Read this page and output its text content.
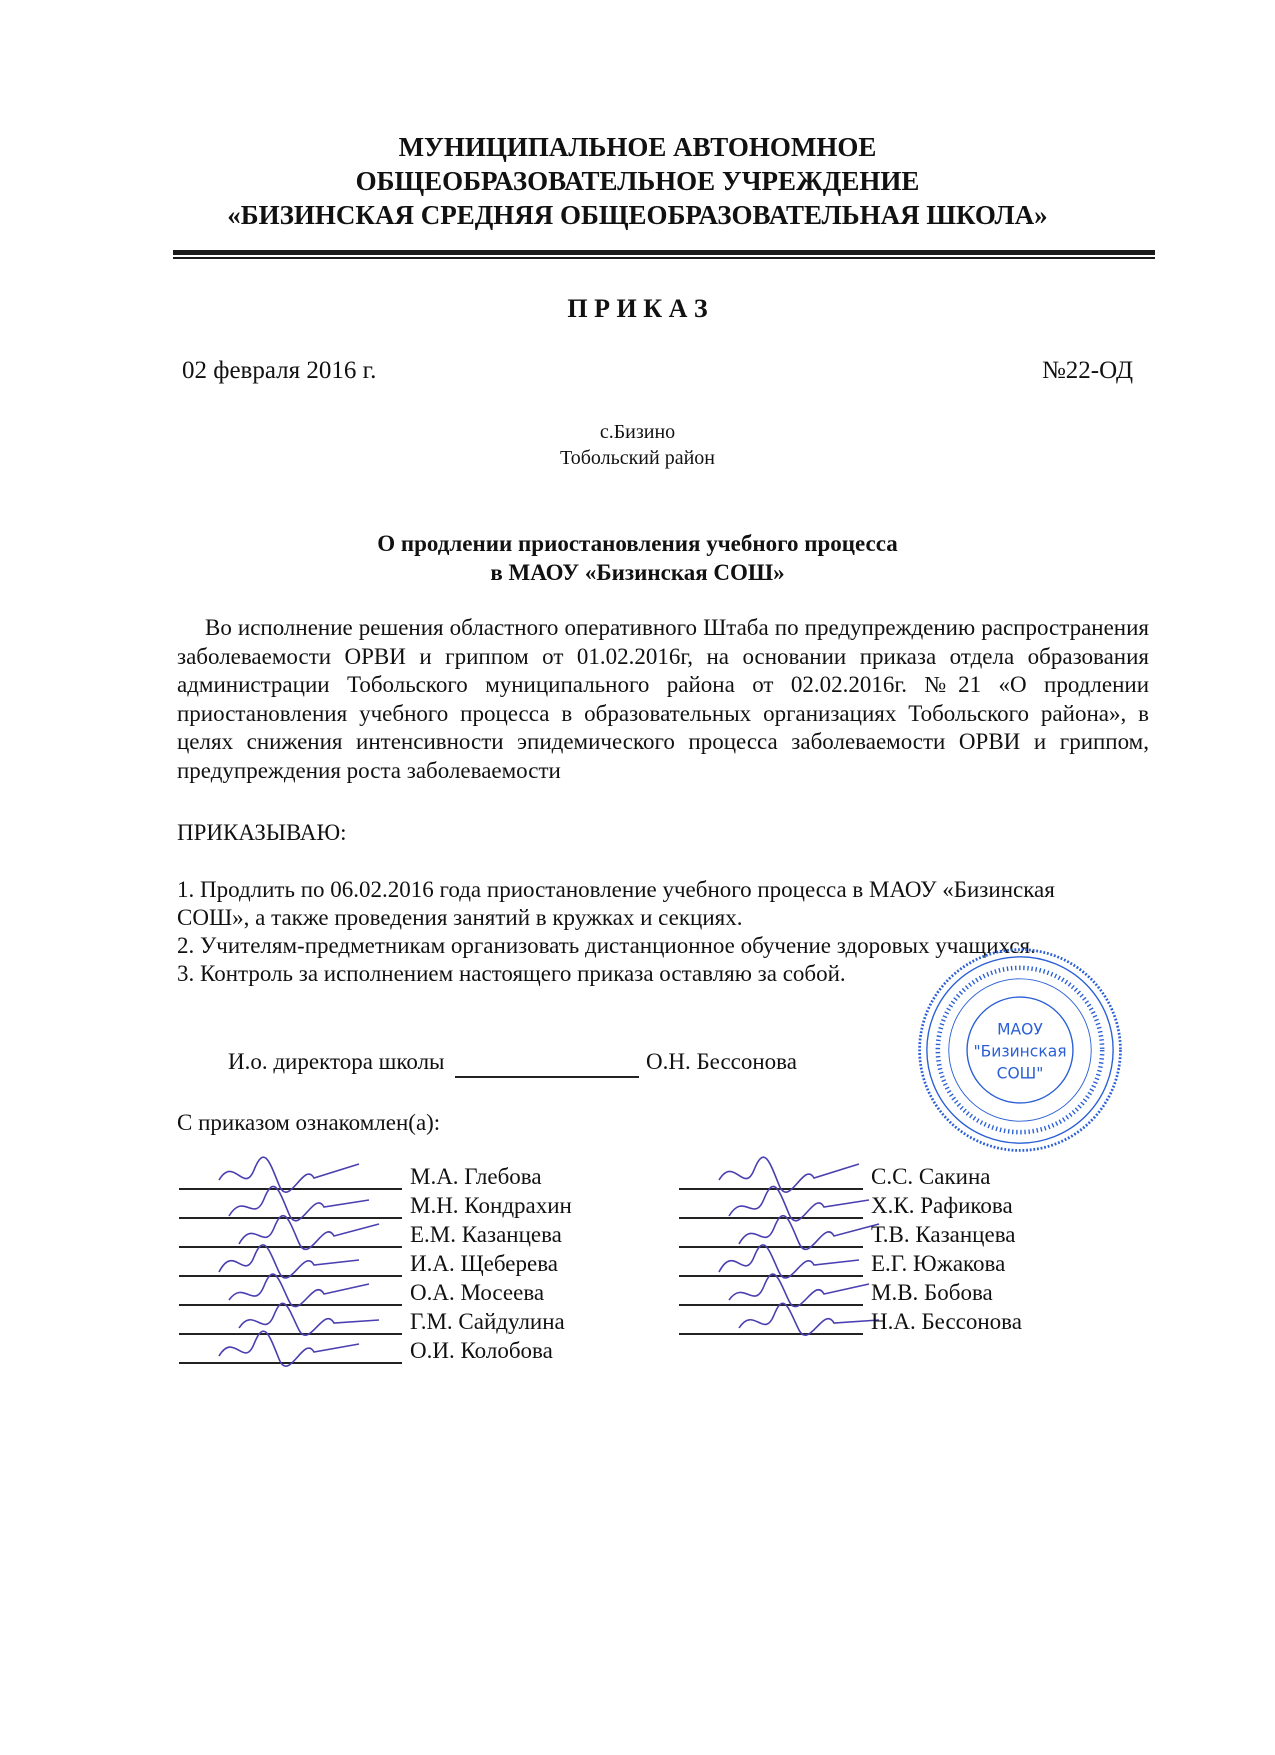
МУНИЦИПАЛЬНОЕ АВТОНОМНОЕ
ОБЩЕОБРАЗОВАТЕЛЬНОЕ УЧРЕЖДЕНИЕ
«БИЗИНСКАЯ СРЕДНЯЯ ОБЩЕОБРАЗОВАТЕЛЬНАЯ ШКОЛА»
П Р И К А З
02 февраля 2016 г.	№22-ОД
с.Бизино
Тобольский район
О продлении приостановления учебного процесса
в МАОУ «Бизинская СОШ»
Во исполнение решения областного оперативного Штаба по предупреждению распространения заболеваемости ОРВИ и гриппом от 01.02.2016г, на основании приказа отдела образования администрации Тобольского муниципального района от 02.02.2016г. №21 «О продлении приостановления учебного процесса в образовательных организациях Тобольского района», в целях снижения интенсивности эпидемического процесса заболеваемости ОРВИ и гриппом, предупреждения роста заболеваемости
ПРИКАЗЫВАЮ:
1. Продлить по 06.02.2016 года приостановление учебного процесса в МАОУ «Бизинская
СОШ», а также проведения занятий в кружках и секциях.
2. Учителям-предметникам организовать дистанционное обучение здоровых учащихся.
3. Контроль за исполнением настоящего приказа оставляю за собой.
И.о. директора школы	О.Н. Бессонова
С приказом ознакомлен(а):
М.А. Глебова
М.Н. Кондрахин
Е.М. Казанцева
И.А. Щеберева
О.А. Мосеева
Г.М. Сайдулина
О.И. Колобова
С.С. Сакина
Х.К. Рафикова
Т.В. Казанцева
Е.Г. Южакова
М.В. Бобова
Н.А. Бессонова
МАОУ
"Бизинская
СОШ"
